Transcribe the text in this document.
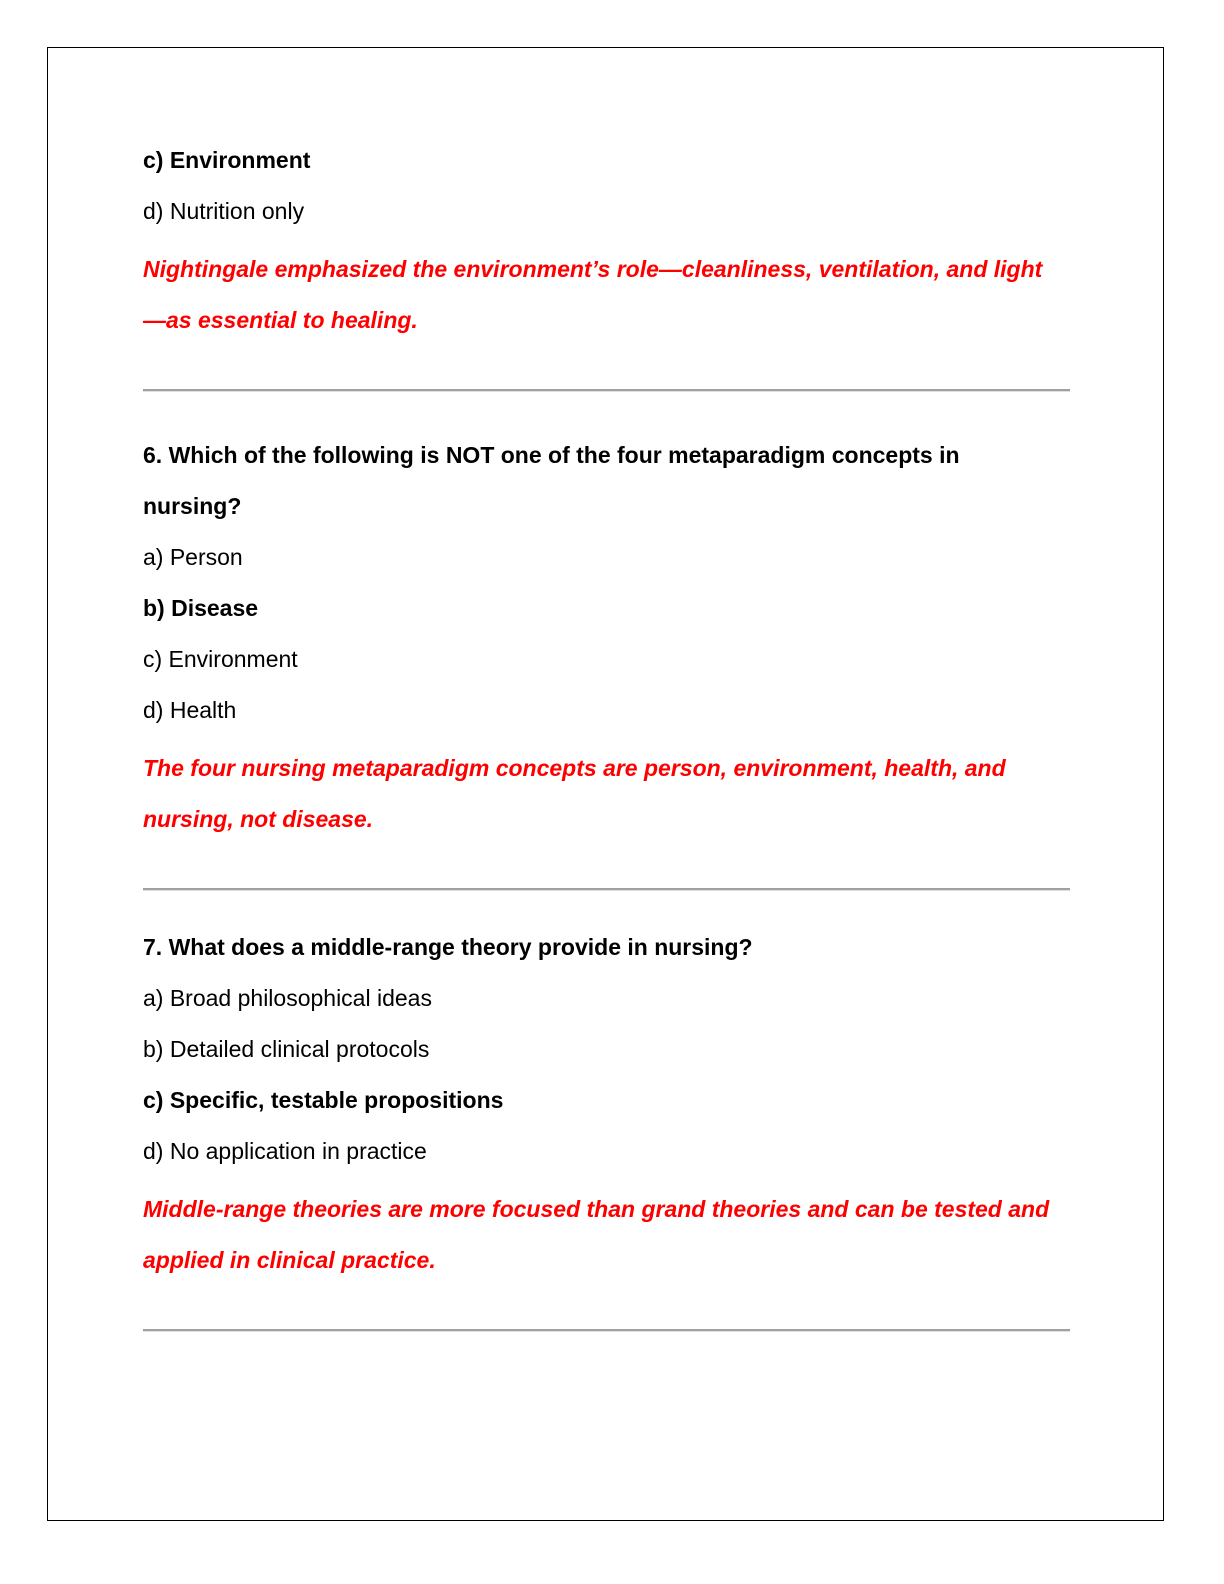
c) Environment

d) Nutrition only

Nightingale emphasized the environment’s role—cleanliness, ventilation, and light—as essential to healing.

6. Which of the following is NOT one of the four metaparadigm concepts in nursing?

a) Person

b) Disease

c) Environment

d) Health

The four nursing metaparadigm concepts are person, environment, health, and nursing, not disease.

7. What does a middle-range theory provide in nursing?

a) Broad philosophical ideas

b) Detailed clinical protocols

c) Specific, testable propositions

d) No application in practice

Middle-range theories are more focused than grand theories and can be tested and applied in clinical practice.
